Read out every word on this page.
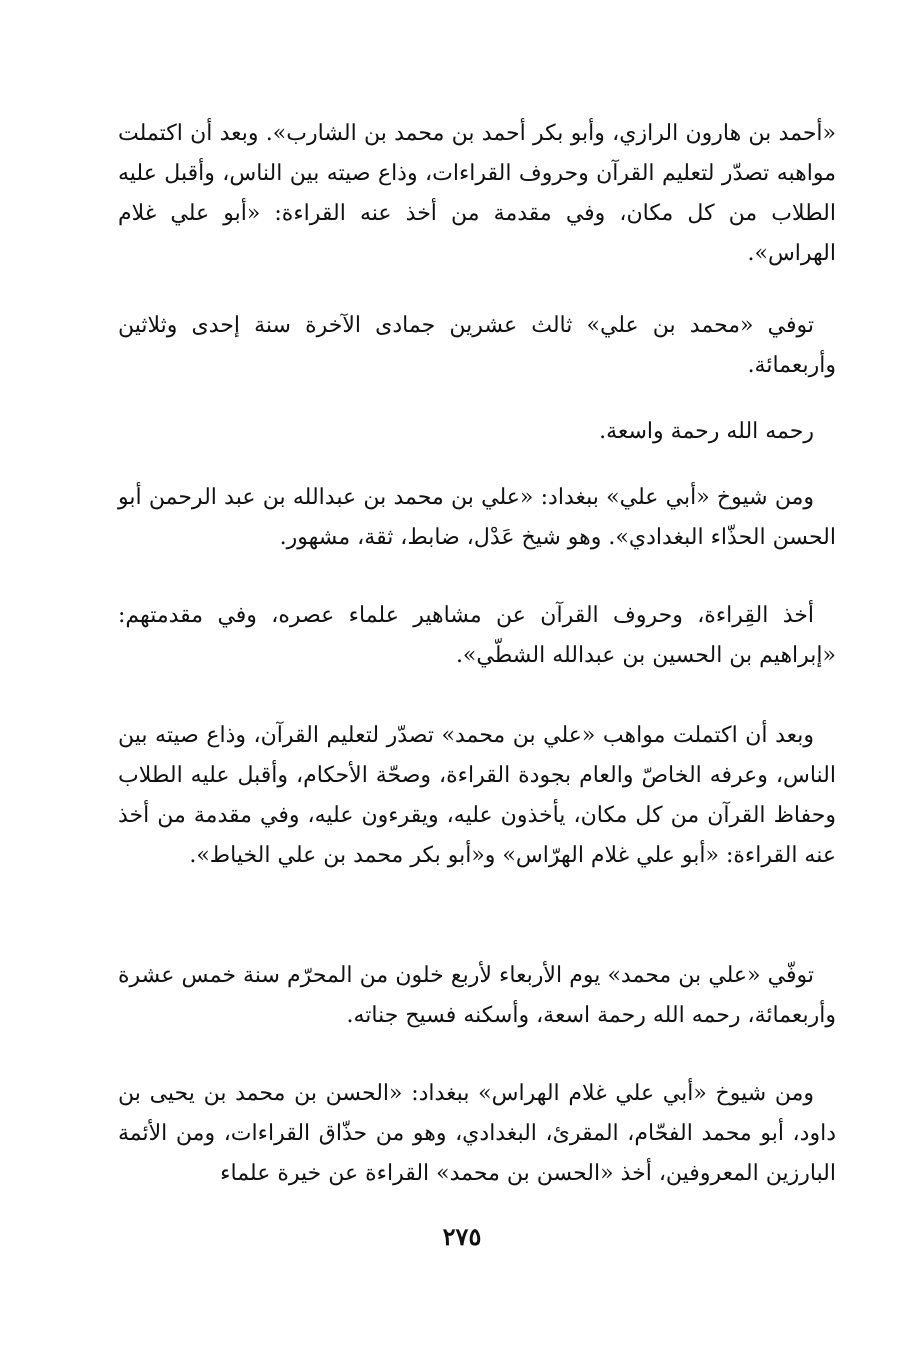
«أحمد بن هارون الرازي، وأبو بكر أحمد بن محمد بن الشارب». وبعد أن اكتملت مواهبه تصدّر لتعليم القرآن وحروف القراءات، وذاع صيته بين الناس، وأقبل عليه الطلاب من كل مكان، وفي مقدمة من أخذ عنه القراءة: «أبو علي غلام الهراس».

توفي «محمد بن علي» ثالث عشرين جمادى الآخرة سنة إحدى وثلاثين وأربعمائة.

رحمه الله رحمة واسعة.

ومن شيوخ «أبي علي» ببغداد: «علي بن محمد بن عبدالله بن عبد الرحمن أبو الحسن الحذّاء البغدادي». وهو شيخ عَدْل، ضابط، ثقة، مشهور.

أخذ القِراءة، وحروف القرآن عن مشاهير علماء عصره، وفي مقدمتهم: «إبراهيم بن الحسين بن عبدالله الشطّي».

وبعد أن اكتملت مواهب «علي بن محمد» تصدّر لتعليم القرآن، وذاع صيته بين الناس، وعرفه الخاصّ والعام بجودة القراءة، وصحّة الأحكام، وأقبل عليه الطلاب وحفاظ القرآن من كل مكان، يأخذون عليه، ويقرءون عليه، وفي مقدمة من أخذ عنه القراءة: «أبو علي غلام الهرّاس» و«أبو بكر محمد بن علي الخياط».

توفّي «علي بن محمد» يوم الأربعاء لأربع خلون من المحرّم سنة خمس عشرة وأربعمائة، رحمه الله رحمة اسعة، وأسكنه فسيح جناته.

ومن شيوخ «أبي علي غلام الهراس» ببغداد: «الحسن بن محمد بن يحيى بن داود، أبو محمد الفحّام، المقرئ، البغدادي، وهو من حذّاق القراءات، ومن الأئمة البارزين المعروفين، أخذ «الحسن بن محمد» القراءة عن خيرة علماء

٢٧٥
